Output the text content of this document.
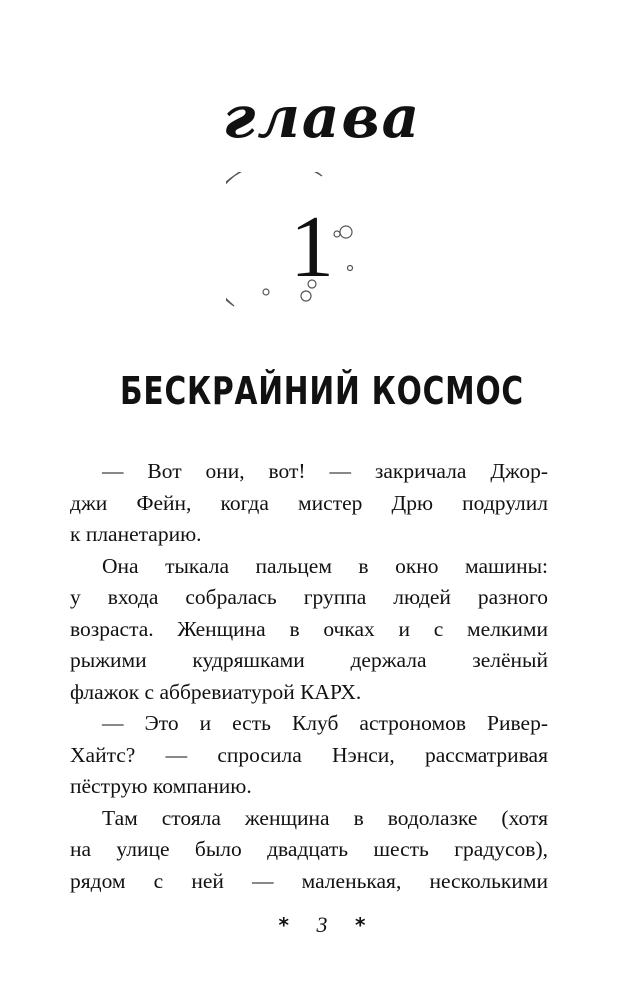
глава
1
БЕСКРАЙНИЙ КОСМОС
— Вот они, вот! — закричала Джор-
джи Фейн, когда мистер Дрю подрулил
к планетарию.
Она тыкала пальцем в окно машины:
у входа собралась группа людей разного
возраста. Женщина в очках и с мелкими
рыжими кудряшками держала зелёный
флажок с аббревиатурой КАРХ.
— Это и есть Клуб астрономов Ривер-
Хайтс? — спросила Нэнси, рассматривая
пёструю компанию.
Там стояла женщина в водолазке (хотя
на улице было двадцать шесть градусов),
рядом с ней — маленькая, несколькими
* 3 *
